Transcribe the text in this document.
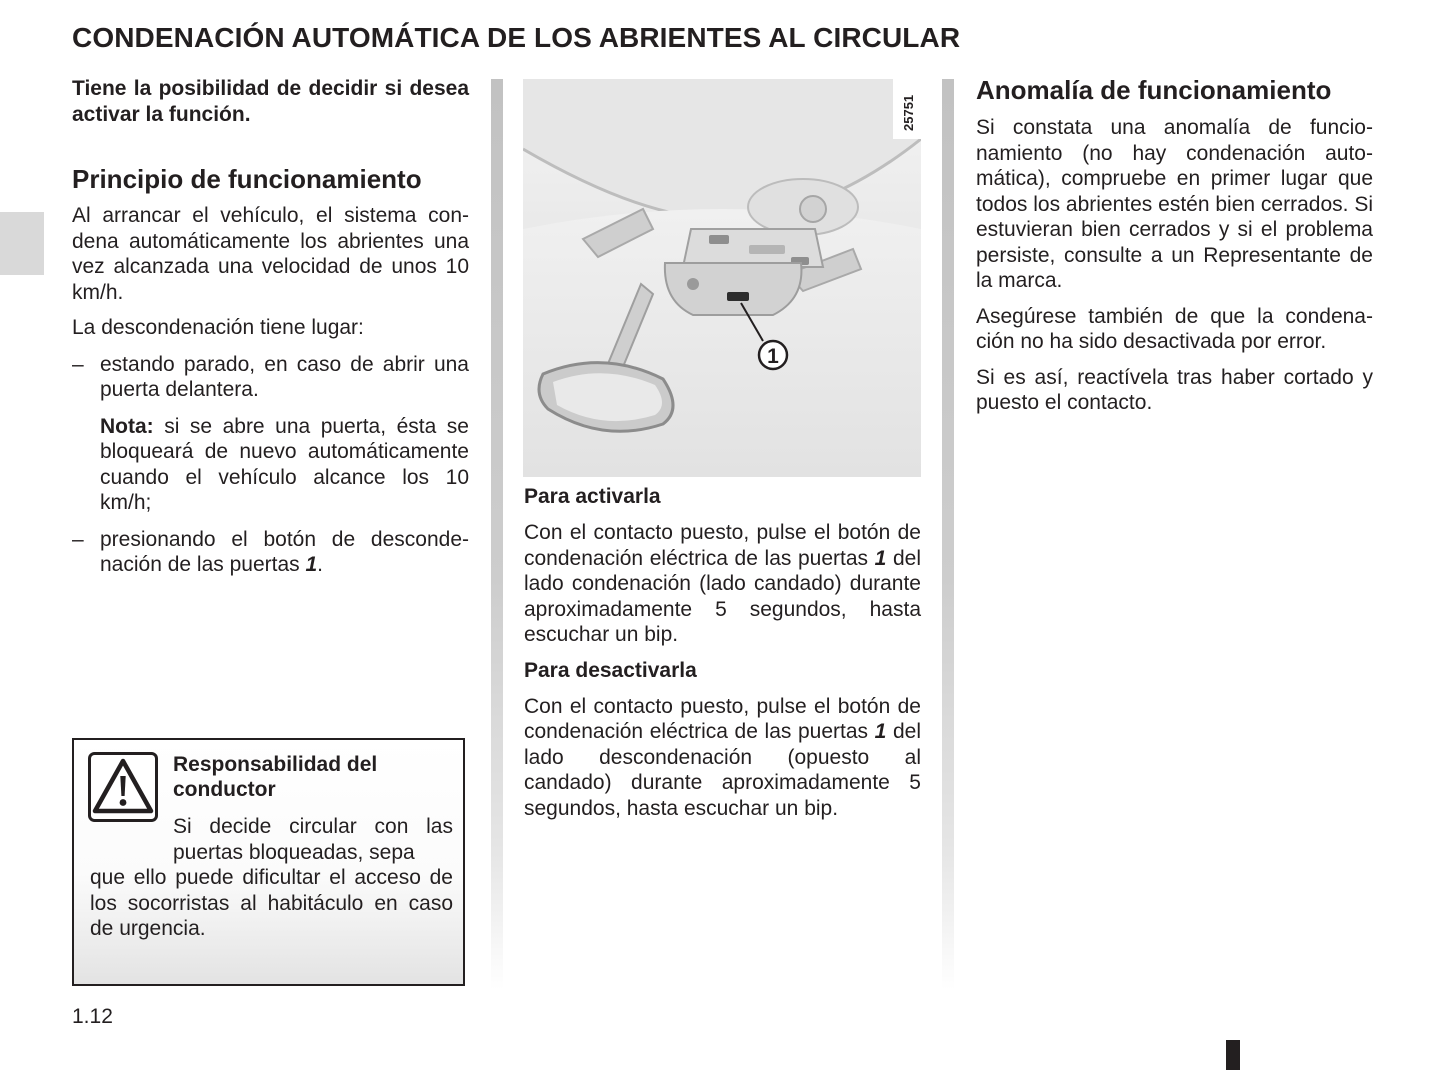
CONDENACIÓN AUTOMÁTICA DE LOS ABRIENTES AL CIRCULAR

Tiene la posibilidad de decidir si desea activar la función.

Principio de funcionamiento

Al arrancar el vehículo, el sistema condena automáticamente los abrientes una vez alcanzada una velocidad de unos 10 km/h.

La descondenación tiene lugar:

– estando parado, en caso de abrir una puerta delantera.

Nota: si se abre una puerta, ésta se bloqueará de nuevo automáticamente cuando el vehículo alcance los 10 km/h;

– presionando el botón de descondenación de las puertas 1.

Responsabilidad del conductor
Si decide circular con las puertas bloqueadas, sepa
que ello puede dificultar el acceso de los socorristas al habitáculo en caso de urgencia.
1
25751
Para activarla

Con el contacto puesto, pulse el botón de condenación eléctrica de las puertas 1 del lado condenación (lado candado) durante aproximadamente 5 segundos, hasta escuchar un bip.

Para desactivarla

Con el contacto puesto, pulse el botón de condenación eléctrica de las puertas 1 del lado descondenación (opuesto al candado) durante aproximadamente 5 segundos, hasta escuchar un bip.

Anomalía de funcionamiento

Si constata una anomalía de funcionamiento (no hay condenación automática), compruebe en primer lugar que todos los abrientes estén bien cerrados. Si estuvieran bien cerrados y si el problema persiste, consulte a un Representante de la marca.

Asegúrese también de que la condenación no ha sido desactivada por error.

Si es así, reactívela tras haber cortado y puesto el contacto.

1.12
